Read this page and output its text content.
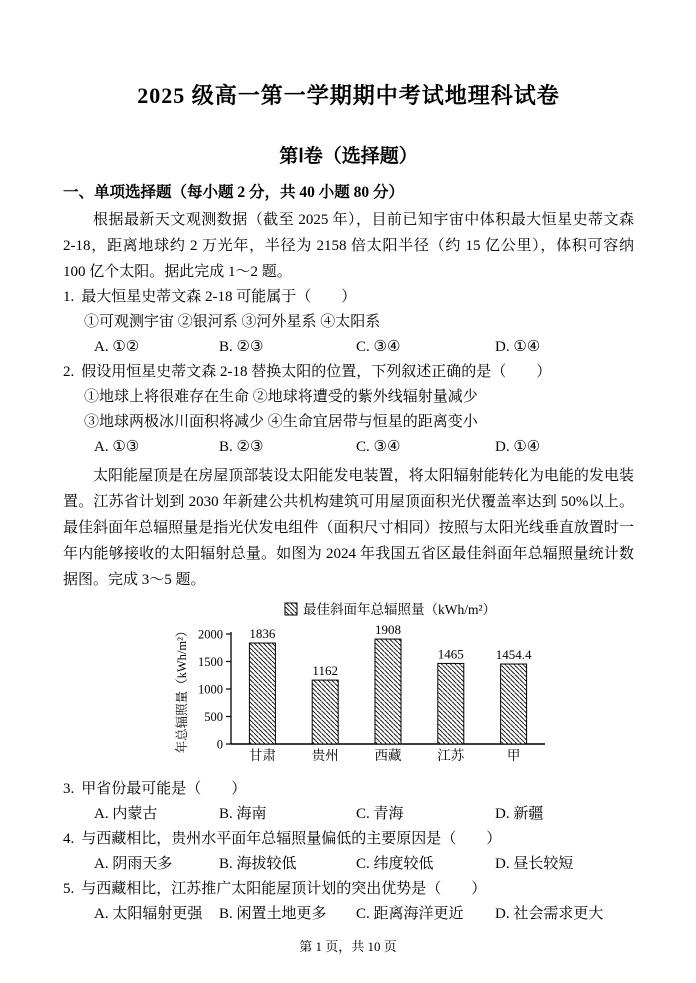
2025 级高一第一学期期中考试地理科试卷
第Ⅰ卷（选择题）
一、单项选择题（每小题 2 分，共 40 小题 80 分）

根据最新天文观测数据（截至 2025 年），目前已知宇宙中体积最大恒星史蒂文森 2-18，距离地球约 2 万光年，半径为 2158 倍太阳半径（约 15 亿公里），体积可容纳 100 亿个太阳。据此完成 1～2 题。

1. 最大恒星史蒂文森 2-18 可能属于（　　）
①可观测宇宙 ②银河系 ③河外星系 ④太阳系
A. ①②	B. ②③	C. ③④	D. ①④
2. 假设用恒星史蒂文森 2-18 替换太阳的位置，下列叙述正确的是（　　）
①地球上将很难存在生命 ②地球将遭受的紫外线辐射量减少
③地球两极冰川面积将减少 ④生命宜居带与恒星的距离变小
A. ①③	B. ②③	C. ③④	D. ①④

太阳能屋顶是在房屋顶部装设太阳能发电装置，将太阳辐射能转化为电能的发电装置。江苏省计划到 2030 年新建公共机构建筑可用屋顶面积光伏覆盖率达到 50%以上。最佳斜面年总辐照量是指光伏发电组件（面积尺寸相同）按照与太阳光线垂直放置时一年内能够接收的太阳辐射总量。如图为 2024 年我国五省区最佳斜面年总辐照量统计数据图。完成 3～5 题。

最佳斜面年总辐照量（kWh/m²）
0
500
1000
1500
2000
年总辐照量（kWh/m²）	1836
甘肃
1162
贵州
1908
西藏
1465
江苏
1454.4
甲
3. 甲省份最可能是（　　）
A. 内蒙古	B. 海南	C. 青海	D. 新疆
4. 与西藏相比，贵州水平面年总辐照量偏低的主要原因是（　　）
A. 阴雨天多	B. 海拔较低	C. 纬度较低	D. 昼长较短
5. 与西藏相比，江苏推广太阳能屋顶计划的突出优势是（　　）
A. 太阳辐射更强	B. 闲置土地更多	C. 距离海洋更近	D. 社会需求更大
第 1 页，共 10 页
